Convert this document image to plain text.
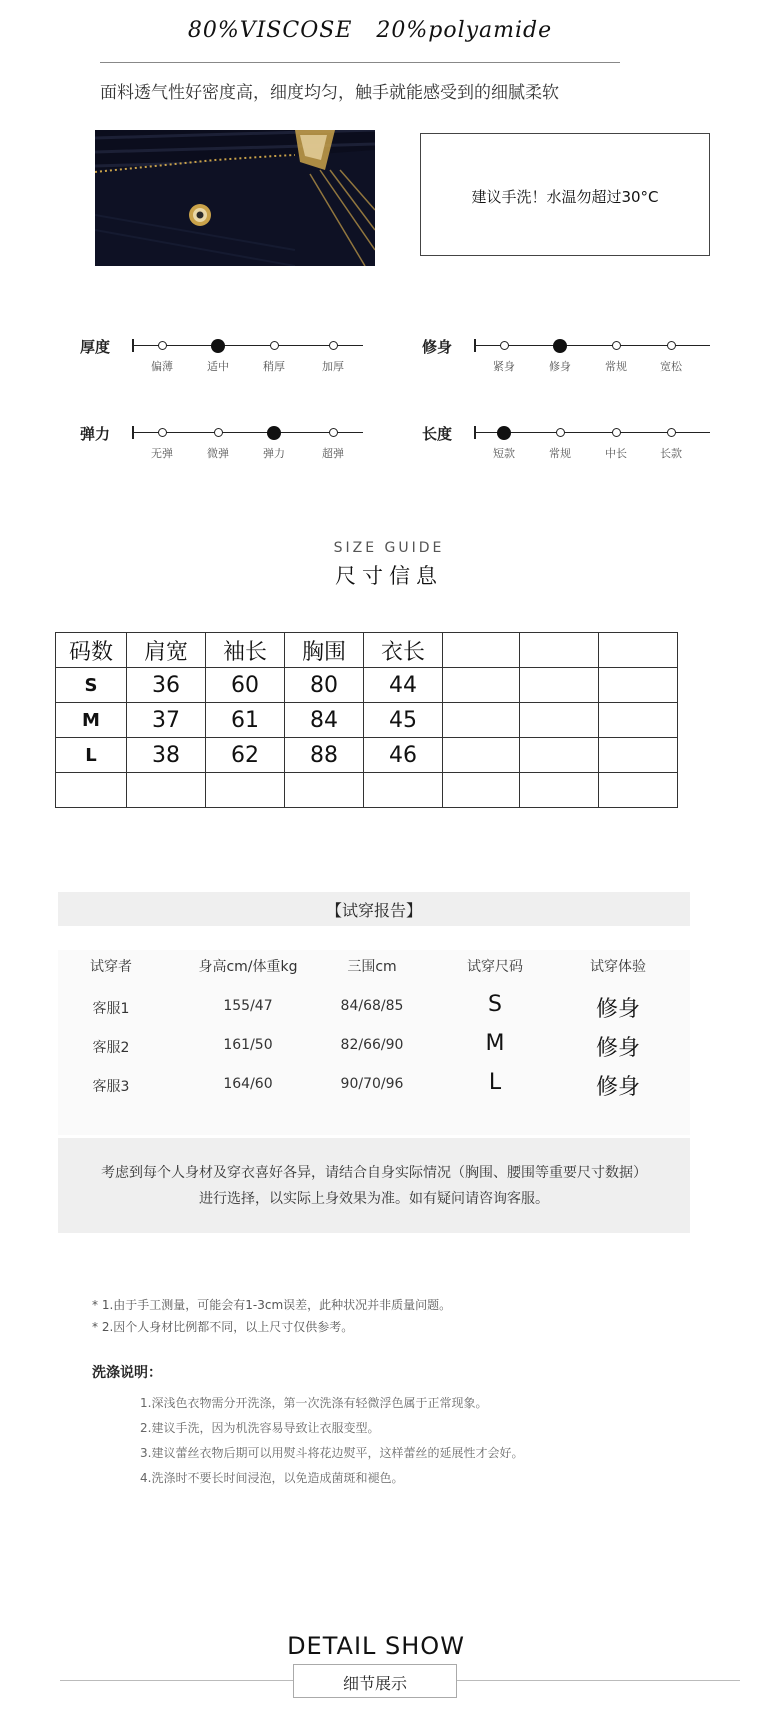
80%VISCOSE   20%polyamide
面料透气性好密度高，细度均匀，触手就能感受到的细腻柔软
建议手洗！水温勿超过30°C
厚度
偏薄	适中	稍厚	加厚
修身
紧身	修身	常规	宽松
弹力
无弹	微弹	弹力	超弹
长度
短款	常规	中长	长款
SIZE GUIDE
尺寸信息
码数	肩宽	袖长	胸围	衣长			
S	36	60	80	44			
M	37	61	84	45			
L	38	62	88	46			

【试穿报告】
试穿者	身高cm/体重kg	三围cm	试穿尺码	试穿体验
客服1	155/47	84/68/85	S	修身
客服2	161/50	82/66/90	M	修身
客服3	164/60	90/70/96	L	修身
考虑到每个人身材及穿衣喜好各异，请结合自身实际情况（胸围、腰围等重要尺寸数据）
进行选择，以实际上身效果为准。如有疑问请咨询客服。
* 1.由于手工测量，可能会有1-3cm误差，此种状况并非质量问题。
* 2.因个人身材比例都不同，以上尺寸仅供参考。
洗涤说明：
1.深浅色衣物需分开洗涤，第一次洗涤有轻微浮色属于正常现象。
2.建议手洗，因为机洗容易导致让衣服变型。
3.建议蕾丝衣物后期可以用熨斗将花边熨平，这样蕾丝的延展性才会好。
4.洗涤时不要长时间浸泡，以免造成菌斑和褪色。
DETAIL SHOW
细节展示
